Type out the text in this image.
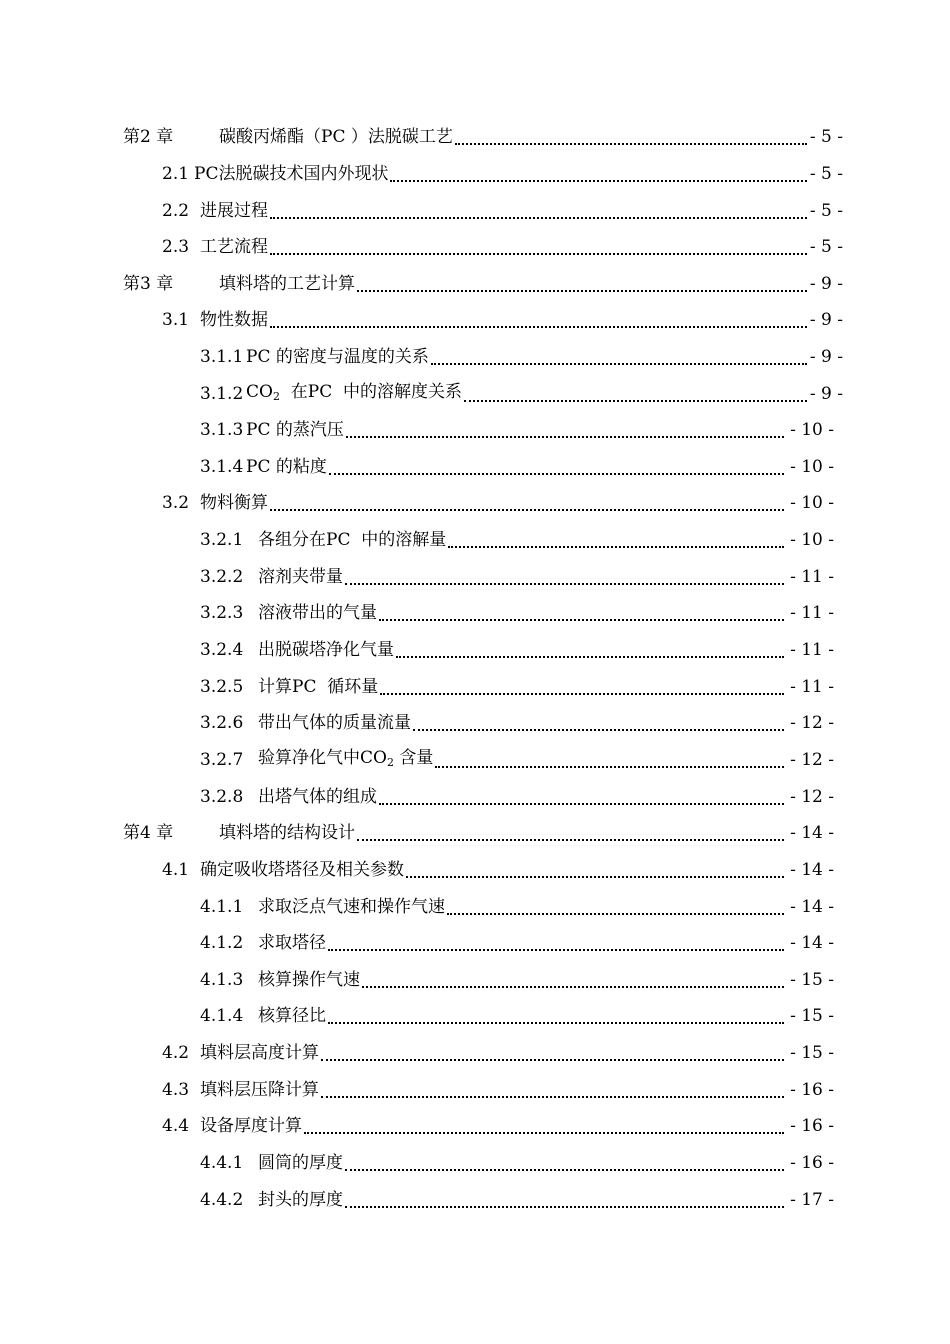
第2 章	碳酸丙烯酯（PC ）法脱碳工艺	- 5 -
2.1 PC法脱碳技术国内外现状	- 5 -
2.2 进展过程	- 5 -
2.3 工艺流程	- 5 -
第3 章	填料塔的工艺计算	- 9 -
3.1 物性数据	- 9 -
3.1.1 PC 的密度与温度的关系	- 9 -
3.1.2 $CO_2$  在PC  中的溶解度关系	- 9 -
3.1.3 PC 的蒸汽压	- 10 -
3.1.4 PC 的粘度	- 10 -
3.2 物料衡算	- 10 -
3.2.1 各组分在PC  中的溶解量	- 10 -
3.2.2 溶剂夹带量	- 11 -
3.2.3 溶液带出的气量	- 11 -
3.2.4 出脱碳塔净化气量	- 11 -
3.2.5 计算PC  循环量	- 11 -
3.2.6 带出气体的质量流量	- 12 -
3.2.7 验算净化气中$CO_2$ 含量	- 12 -
3.2.8 出塔气体的组成	- 12 -
第4 章	填料塔的结构设计	- 14 -
4.1 确定吸收塔塔径及相关参数	- 14 -
4.1.1 求取泛点气速和操作气速	- 14 -
4.1.2 求取塔径	- 14 -
4.1.3 核算操作气速	- 15 -
4.1.4 核算径比	- 15 -
4.2 填料层高度计算	- 15 -
4.3 填料层压降计算	- 16 -
4.4 设备厚度计算	- 16 -
4.4.1 圆筒的厚度	- 16 -
4.4.2 封头的厚度	- 17 -
